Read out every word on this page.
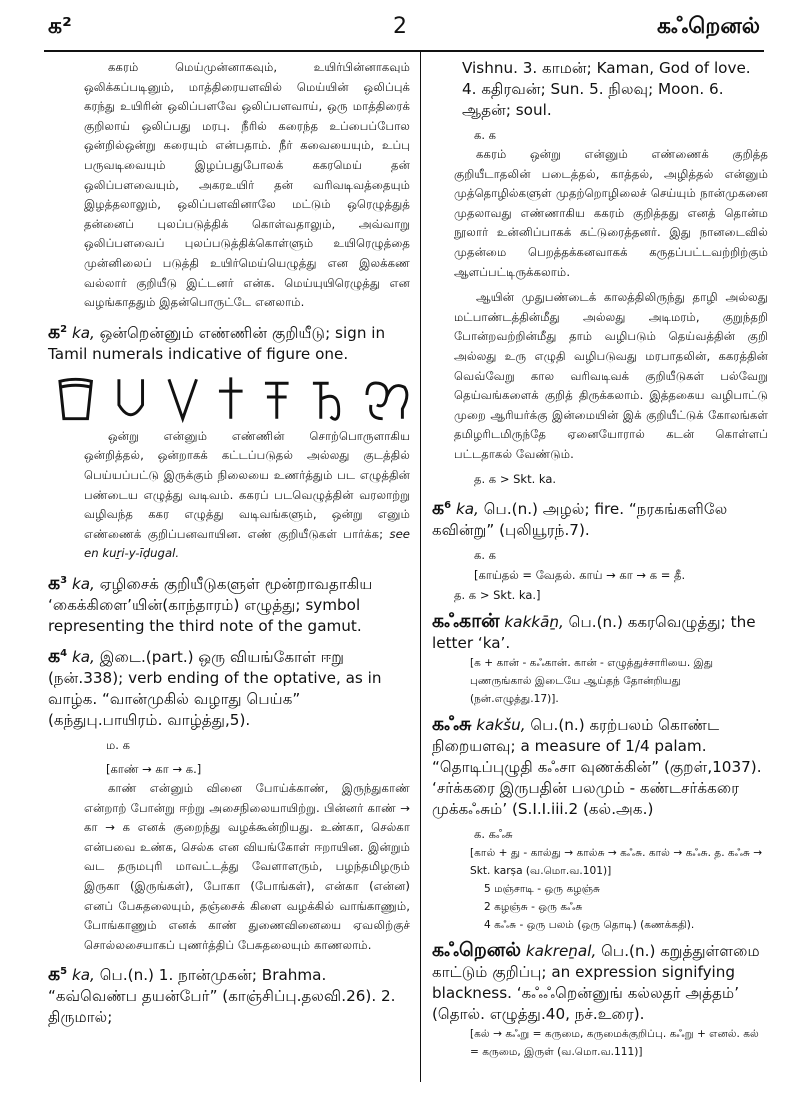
க²	2	கஃறெனல்

ககரம் மெய்முன்னாகவும், உயிர்பின்னாகவும் ஒலிக்கப்படினும், மாத்திரையளவில் மெய்யின் ஒலிப்புக் கரந்து உயிரின் ஒலிப்பளவே ஒலிப்பளவாய், ஒரு மாத்திரைக் குறிலாய் ஒலிப்பது மரபு. நீரில் கரைந்த உப்பைப்போல ஒன்றில்ஒன்று கரையும் என்பதாம். நீர் கவையையும், உப்பு பருவடிவையும் இழப்பதுபோலக் ககரமெய் தன் ஒலிப்பளவையும், அகரஉயிர் தன் வரிவடிவத்தையும் இழத்தலாலும், ஒலிப்பளவினாலே மட்டும் ஒரெழுத்துத் தன்னைப் புலப்படுத்திக் கொள்வதாலும், அவ்வாறு ஒலிப்பளவைப் புலப்படுத்திக்கொள்ளும் உயிரெழுத்தை முன்னிலைப் படுத்தி உயிர்மெய்யெழுத்து என இலக்கண வல்லார் குறியீடு இட்டனர் என்க. மெய்யுயிரெழுத்து என வழங்காததும் இதன்பொருட்டே எனலாம்.

க$^2$ ka, ஒன்றென்னும் எண்ணின் குறியீடு; sign in Tamil numerals indicative of figure one.

ஒன்று என்னும் எண்ணின் சொற்பொருளாகிய ஒன்றித்தல், ஒன்றாகக் கட்டப்படுதல் அல்லது குடத்தில் பெய்யப்பட்டு இருக்கும் நிலையை உணர்த்தும் பட எழுத்தின் பண்டைய எழுத்து வடிவம். ககரப் படவெழுத்தின் வரலாற்று வழிவந்த ககர எழுத்து வடிவங்களும், ஒன்று எனும் எண்ணைக் குறிப்பனவாயின. எண் குறியீடுகள் பார்க்க; see en kuṟi-y-īḍugal.

க$^3$ ka, ஏழிசைக் குறியீடுகளுள் மூன்றாவதாகிய ‘கைக்கிளை’யின்(காந்தாரம்) எழுத்து; symbol representing the third note of the gamut.
க$^4$ ka, இடை.(part.) ஒரு வியங்கோள் ஈறு (நன்.338); verb ending of the optative, as in வாழ்க. “வான்முகில் வழாது பெய்க” (கந்துபு.பாயிரம். வாழ்த்து,5).

ம. க

[காண் → கா → க.]

காண் என்னும் வினை போய்க்காண், இருந்துகாண் என்றாற் போன்று ஈற்று அசைநிலையாயிற்று. பின்னர் காண் → கா → க எனக் குறைந்து வழக்கூன்றியது. உண்கா, செல்கா என்பவை உண்க, செல்க என வியங்கோள் ஈறாயின. இன்றும் வட தருமபுரி மாவட்டத்து வேளாளரும், பழந்தமிழரும் இருகா (இருங்கள்), போகா (போங்கள்), என்கா (என்ன) எனப் பேசுதலையும், தஞ்சைக் கிளை வழக்கில் வாங்காணும், போங்காணும் எனக் காண் துணைவினையை ஏவலிற்குச் சொல்லசையாகப் புணர்த்திப் பேசுதலையும் காணலாம்.

க$^5$ ka, பெ.(n.) 1. நான்முகன்; Brahma. “கவ்வெண்ப தயன்பேர்” (காஞ்சிப்பு.தலவி.26). 2. திருமால்;
Vishnu. 3. காமன்; Kaman, God of love. 4. கதிரவன்; Sun. 5. நிலவு; Moon. 6. ஆதன்; soul.

க. க

ககரம் ஒன்று என்னும் எண்ணைக் குறித்த குறியீடாதலின் படைத்தல், காத்தல், அழித்தல் என்னும் முத்தொழில்களுள் முதற்றொழிலைச் செய்யும் நான்முகனை முதலாவது எண்ணாகிய ககரம் குறித்தது எனத் தொன்ம நூலார் உன்னிப்பாகக் கட்டுரைத்தனர். இது நானடைவில் முதன்மை பெறத்தக்கனவாகக் கருதப்பட்டவற்றிற்கும் ஆளப்பட்டிருக்கலாம்.

ஆயின் முதுபண்டைக் காலத்திலிருந்து தாழி அல்லது மட்பாண்டத்தின்மீது அல்லது அடிமரம், குறுந்தறி போன்றவற்றின்மீது தாம் வழிபடும் தெய்வத்தின் குறி அல்லது உரு எழுதி வழிபடுவது மரபாதலின், ககரத்தின் வெவ்வேறு கால வரிவடிவக் குறியீடுகள் பல்வேறு தெய்வங்களைக் குறித் திருக்கலாம். இத்தகைய வழிபாட்டு முறை ஆரியர்க்கு இன்மையின் இக் குறியீட்டுக் கோலங்கள் தமிழரிடமிருந்தே ஏனையோரால் கடன் கொள்ளப் பட்டதாகல் வேண்டும்.

த. க > Skt. ka.

க$^6$ ka, பெ.(n.) அழல்; fire. “நரகங்களிலே கவின்று” (புலியூரந்.7).

க. க

[காய்தல் = வேதல். காய் → கா → க = தீ.

த. க > Skt. ka.]

கஃகான் kakkāṉ, பெ.(n.) ககரவெழுத்து; the letter ‘ka’.

[க + கான் - கஃகான். கான் - எழுத்துச்சாரியை. இது புணருங்கால் இடையே ஆய்தந் தோன்றியது (நன்.எழுத்து.17)].

கஃசு kakšu, பெ.(n.) கரற்பலம் கொண்ட நிறையளவு; a measure of 1/4 palam. “தொடிப்புழுதி கஃசா வுணக்கின்” (குறள்,1037). ‘சர்க்கரை இருபதின் பலமும் - கண்டசர்க்கரை முக்கஃசும்’ (S.I.I.iii.2 (கல்.அக.)

க. கஃசு

[கால் + து - கால்து → கால்சு → கஃசு. கால் → கஃசு. த. கஃசு → Skt. karṣa (வ.மொ.வ.101)]

5 மஞ்சாடி - ஒரு கழஞ்சு

2 கழஞ்சு - ஒரு கஃசு

4 கஃசு - ஒரு பலம் (ஒரு தொடி) (கணக்கதி).

கஃறெனல் kakreṉal, பெ.(n.) கறுத்துள்ளமை காட்டும் குறிப்பு; an expression signifying blackness. ‘கஃஃறென்னுங் கல்லதர் அத்தம்’ (தொல். எழுத்து.40, நச்.உரை).

[கல் → கஃறு = கருமை, கருமைக்குறிப்பு. கஃறு + எனல். கல் = கருமை, இருள் (வ.மொ.வ.111)]
